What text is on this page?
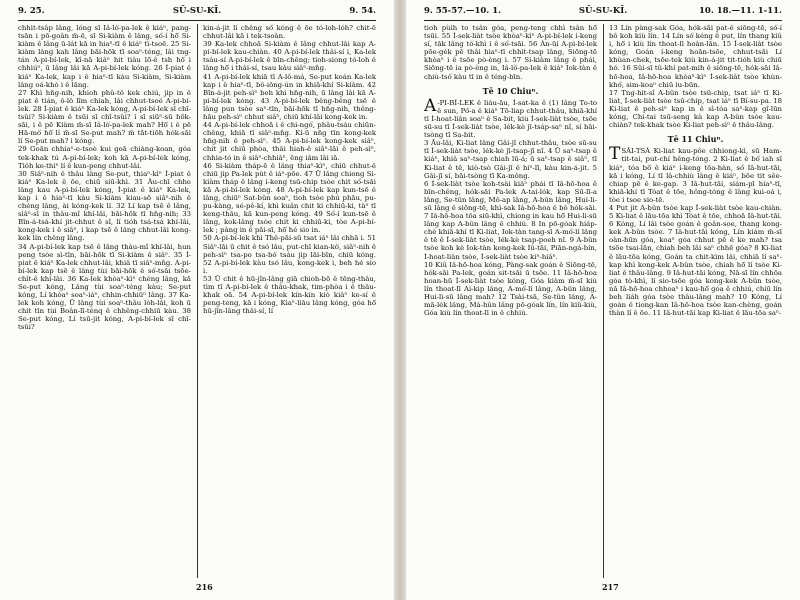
9. 25.	SŪ-SU-KĪ.	9. 54.

chhit-tsâp lâng, lóng sī Iâ-lò͘-pa-lek ê kiáⁿ, pang-tsān i pō-goân m̄-ē, sī Si-kiàm ê lâng, só͘-í hō͘ Si-kiàm ê lâng ū-lát kā in hiaⁿ-tī ê kiáⁿ tì-tsoē. 25 Si-kiàm lâng kah lâng bāi-hōk tī soaⁿ-téng, lâi tng-tán A-pi-bí-lek, kî-nā kiâⁿ hit tiâu lō͘-ê tsh hō͘ i chhiúⁿ, ū lâng lâi kā A-pi-bí-lek kóng. 26 Í-piat ê kiáⁿ Ka-lek, kap i ê hiaⁿ-tī kàu Si-kiàm, Si-kiàm lâng oá-khò i ê lāng.

27 Khì hn̄g-nih, khioh phû-tô kek chiú, jip in ê piat ê tián, ô-lô lîm chiah, lâi chhut-tsoé A-pi-bí-lek. 28 Í-piat ê kiáⁿ Ka-lek kóng, A-pi-bí-lek sī chī-tsûi? Si-kiàm ê tsūi sī chī-tsûi? í sī siūⁿ-sū hōk-sāi, i ê pē Kiàm m̄-sī Iâ-lò͘-pa-lek mah? Hō͘ i ê pē Hā-mò͘ hō͘ lí m̄-sī Se-put mah? m̄ tāt-tiōh hók-sāi lí Se-put mah? i kóng.

29 Goān chhiaⁿ-e-tsoè kui goā chiàng-koan, góa tek-khak tú A-pi-bí-lek; koh kā A-pi-bí-lek kóng, Tióh ke-thiⁿ lí ê kun-peng chhut-lâi.

30 Siâⁿ-nih ê thâu lâng Se-put, thiaⁿ-kìⁿ Í-piat ê kiáⁿ Ka-lek ê ōe, chiū siū-khì. 31 Âu-chī chhe lâng kau A-pi-bí-lek kóng, Í-piat ê kiáⁿ Ka-lek, kap i ê hiaⁿ-tī kàu Si-kiàm kiau-sō siâⁿ-nih ê chéng lâng, ài kóng-kek lí. 32 Lí kap tsē ê lâng, siâⁿ-sī ín thâu-mî khí-lâi, bāi-hōk tī hn̄g-nih; 33 Bîn-á-tsá-khí jit-chhut ê sî, lí tióh tsá-tsá khí-lâi, kong-kek i ê siâⁿ, i kap tsē ê lâng chhut-lâi kong-kek lín chêng lâng.

34 A-pi-bí-lek kap tsē ê lâng thàu-mî khí-lâi, hun peng tsòe sì-tīn, bāi-hōk tī Si-kiàm ê siâⁿ. 35 Í-piat ê kiáⁿ Ka-lek chhut-lâi, khiâ tī siâⁿ-mn̂g. A-pi-bí-lek kap tsē ê lâng tùi bāi-hōk ê só͘-tsāi tsōe-chít-ê khí-lâi. 36 Ka-lek khòaⁿ-kìⁿ chéng lâng, kā Se-put kóng, Lâng tùi soaⁿ-téng kàu; Se-put kóng, Lí khòaⁿ soaⁿ-iáⁿ, chhin-chhiūⁿ lâng. 37 Ka-lek koh kóng, Ū lâng tùi soaⁿ-thâu lòh-lâi, koh ū chit tīn tùi Boân-lī-ténq ê chhêng-chhiū kàu. 38 Se-put kóng, Lí tsū-jit kóng, A-pi-bí-lek sī chī-tsûi?

kin-á-jit lí chêng só͘ kóng ê ōe tó-loh-lóh? chit-ē chhut-lâi kā i tek-tsoàn.

39 Ka-lek chhoā Si-kiàm ê lâng chhut-lâi kap A-pi-bí-lek kau-chiàn. 40 A-pi-bí-lek thâi-sí i, Ka-lek tsáu-sí A-pi-bí-lek ê bīn-chêng; tioh-siong tó-loh ê lâng hō͘ i thâi-sí, tsau kàu siâⁿ-mn̂g.

41 A-pi-bí-lek khiā tī A-lô-má, Se-put koán Ka-lek kap i ê hiaⁿ-tī, bô-iōng-ún in khiā-khí Si-kiàm. 42 Bîn-á-jit peh-sìⁿ beh khì hn̄g-nih, ū lâng lâi kā A-pi-bí-lek kóng. 43 A-pi-bí-lek bêng-bêng tsē ê lâng pun tsòe saⁿ-tīn, bāi-hōk tī hn̄g-nih, thêng-hāu peh-sìⁿ chhut siâⁿ, chiū khí-lâi kong-kek in.

44 A-pi-bí-lek chhoā i ê chi-ngó͘, phâu-tsáu chiūn-chêng, khiā tī siâⁿ-mn̂g. Kí-ū nn̄g tīn kong-kek hn̄g-nih ê peh-sìⁿ. 45 A-pi-bí-lek kong-kek siâⁿ, chit jit chiū phòa, thâi hiah-ê siâⁿ-lāi ê peh-sìⁿ, chhia-tó in ê siâⁿ-chhiâⁿ, êng iâm lâi iā.

46 Si-kiàm tháp-ē ê lâng thiaⁿ-kìⁿ, chiū chhut-ê chiū jip Pa-lek pùt ê iáⁿ-pōe. 47 Ū lâng chiong Si-kiàm tháp ê lâng í-keng tsū-chip tsòe chit só͘-tsāi kā A-pi-bí-lek kóng. 48 A-pi-bí-lek kap kun-tsē ê lâng, chiūⁿ Sat-bûn soaⁿ, tioh tsòe phú phāu, pu-pu-kàng, sé-pê-kí, khì kuân chit ki chhiū-ki, tàⁿ tī keng-thâu, kā kun-peng kóng. 49 Só͘-í kun-tsē ê lâng, kok-lâng tsòe chit ki chhiū-ki, tòe A-pi-bí-lek ; pàng in ê pāi-sī, hō͘ hé sio in.

50 A-pi-bí-lek khì Thê-pāi-sū tsat iáⁿ lâi chhā i. 51 Siâⁿ-lāi ū chit ê tsó lâu, put-chī kian-kò͘, siâⁿ-nih ê peh-sìⁿ tsa-po tsa-bó͘ tsáu jip lāi-bīn, chiū kóng. 52 A-pi-bí-lek kàu tsó lâu, kong-kek i, beh hé sio i.

53 Ū chit ê hū-jîn-lâng giā chioh-bō ê tēng-thâu, tìm tī A-pi-bí-lek ê thâu-khak, tim-phòa i ê thâu-khak oā. 54 A-pi-bí-lek kín-kín kiò kiâⁿ ke-sí ê peng-teng, kā i kóng, Kiaⁿ-liāu lâng kóng, góa hō͘ hū-jîn-lâng thâi-sí, lí

216
9. 55-57.—10. 1.	SŪ-SU-KĪ.	10. 18.—11. 1-11.

tioh pùih to tsân góa, peng-teng chhì tsân hō͘ tsūi. 55 Í-sek-liàt tsòe khòaⁿ-kìⁿ A-pi-bí-lek í-keng sí, tāk lâng tò͘-khì i ê só͘-tsāi. 56 Àn-ūi A-pi-bí-lek pōe-gék pē thâi hiaⁿ-tī chhit-tsap lâng, Siōng-tē khòaⁿ i ê tsōe pò-èng i. 57 Si-kiàm lâng ê phái, Siōng-tē ia pò-èng in, Iâ-lò͘-pa-lek ê kiáⁿ Iok-tàn ê chiù-tsó͘ kàu tī in ê téng-bīn.

Tē 10 Chiuⁿ.

A-PI-BÍ-LEK ê liáu-āu, Í-sat-ka ê (1) lâng To-to ê sun, Pó͘-a ê kiáⁿ Tō-liap chhut-thâu, khiā-khí tī Í-hoat-liân soaⁿ ê Sa-bit, kiù Í-sek-liàt tsòe, tsōe sū-su tī Í-sek-liàt tsòe, lék-kè jī-tsáp-saⁿ nî, sí bāi-tsòng tī Sa-bit.

3 Āu-lâi, Ki-liat lâng Gâi-jī chhut-thâu, tsòe sū-su tī Í-sek-liàt tsòe, lék-kè jī-tsap-jī nî. 4 Ū saⁿ-tsap ê kiáⁿ, khiâ saⁿ-tsap chiah lū-á; ū saⁿ-tsap ê siâⁿ, tī Ki-liat ê tē, kiò-tsò Gâi-jī ê hiⁿ-lī, kàu kin-á-jit. 5 Gâi-jī sí, bāi-tsòng tī Ka-mông.

6 Í-sek-liàt tsòe koh-tsài kiâⁿ phái tī Iâ-hō-hoa ê bīn-chêng, hók-sāi Pa-lek A-tai-lók, kap Sū-lī-a lâng, Se-tûn lâng, Mô-ap lâng, A-bûn lâng, Hui-li-sū lâng ê siōng-tē, khì-sak Iâ-hō-hoa ê bô hók-sāi. 7 Iâ-hō-hoa tōa siū-khì, chiong in kau hō͘ Hui-li-sū lâng kap A-bûn lâng ê chhiú. 8 In pō-góak hiáp-chè khiā-khí tī Ki-liat, Iok-tàn tang-sī A-mó͘-lí lâng ê tē ê Í-sek-liàt tsòe, lék-kè tsap-poeh nî. 9 A-bûn tsòe koh kè Iok-tàn kong-kek Iû-tāi, Piān-ngá-bín, Í-hoat-liân tsòe, Í-sek-liàt tsòe kiⁿ-hiâⁿ.

10 Kiû Iâ-hō-hoa kóng, Pàng-sak goán ê Siōng-tē, hók-sāi Pa-lek, goán sit-tsāi ū tsōe. 11 Iâ-hō-hoa hoan-hū Í-sek-liàt tsòe kóng, Góa kiàm m̄-sī kiù lín thoat-lī Ai-kip lâng, A-mó͘-lí lâng, A-bûn lâng, Hui-li-sū lâng mah? 12 Tsài-tsā, Se-tûn lâng, A-mā-lék lâng, Má-hûn lâng pō-góak lín, lín kiû-kiù, Góa kiù lín thoat-lī in ê chhiú.

13 Lín pàng-sak Góa, hók-sāi pat-ê siōng-tē, só͘-í bô koh kiù lín. 14 Lín só͘ kéng ê put, lín thang kiû i, hō͘ i kiù lín thoat-lī hoân-lān. 15 Í-sek-liàt tsòe kóng, Goán í-keng hoān-tsōe, chhut-tsāi Lí khùan-chek, tsōe-tek kiù kin-á-jit tit-tióh kiù chiū hó. 16 Sûi-sī tû-khí pat-mih ê siōng-tē, hók-sāi Iâ-hō-hoa, Iâ-hō-hoa khòaⁿ-kìⁿ Í-sek-liàt tsòe khùn-khó͘, sim-koaⁿ chiū iu-būn.

17 Tng-hit-sî A-bûn tsòe tsū-chip, tsat iáⁿ tī Ki-liat, Í-sek-liàt tsòe tsū-chip, tsat iáⁿ tī Bí-su-pa. 18 Ki-liat ê peh-sìⁿ kap in ê sì-tóa saⁿ-kap gî-lūn kóng, Chi-tai tsū-seng kà kap A-bûn tsòe kau-chiàn? tek-khak tsòe Ki-liat peh-sìⁿ ê thâu-lâng.

Tē 11 Chiuⁿ.

TSÂI-TSÁ Ki-liat kau-pôe chhiong-kì, sū Ham-tit-tai, put-chí hêng-tóng. 2 Ki-liat ê bó͘ iah sī kiáⁿ, tóa bô͘ ê kiáⁿ í-keng tōa-hàn, só͘ Iâ-hut-tāi, kā i kóng, Lí tī lâ-chhiù lâng ê kiáⁿ, bōe tit sêe-chiap pē ê ke-gap. 3 Iâ-hut-tāi, siám-pī hiaⁿ-tī, khiā-khí tī Tóat ê tōe, hông-tóng ê lâng kui-oá i, tòe i tsoe sio-tē.

4 Put jit A-bûn tsòe kap Í-sek-liàt tsòe kau-chiàn. 5 Ki-liat ê lāu-tōa khì Tóat ê tōe, chhoā Iâ-hut-tāi. 6 Kóng, Lí lâi tsòe goán ê goân-soe, thang kong-kek A-bûn tsòe. 7 Iâ-hut-tāi kóng, Lín kiám m̄-sī oàn-hūn góa, koaⁿ góa chhut pē ê ke mah? tsa tsōe tsai-lān, chiah beh lâi saⁿ chhē góa? 8 Ki-liat ê lāu-tōa kóng, Goán ta chit-kìm lâi, chhiā lí saⁿ-kap khì kong-kek A-bûn tsòe, chiah hō͘ lí tsòe Ki-liat ê thâu-lâng. 9 Iâ-hut-tāi kóng, Nā-sī lín chhōa góa tò-khì, lí sio-tsōe góa kong-kek A-bûn tsòe, nā Iâ-hō-hoa chhoaⁿ i kau-hō͘ góa ê chhiú, chiū lín beh liáh góa tsòe thâu-lâng mah? 10 Kóng, Lí goán ê tiong-kan Iâ-hō-hoa tsòe kan-chèng, goán thàn lí ê ōe. 11 Iâ-hut-tāi kap Ki-liat ê lāu-tōa saⁿ-

217
